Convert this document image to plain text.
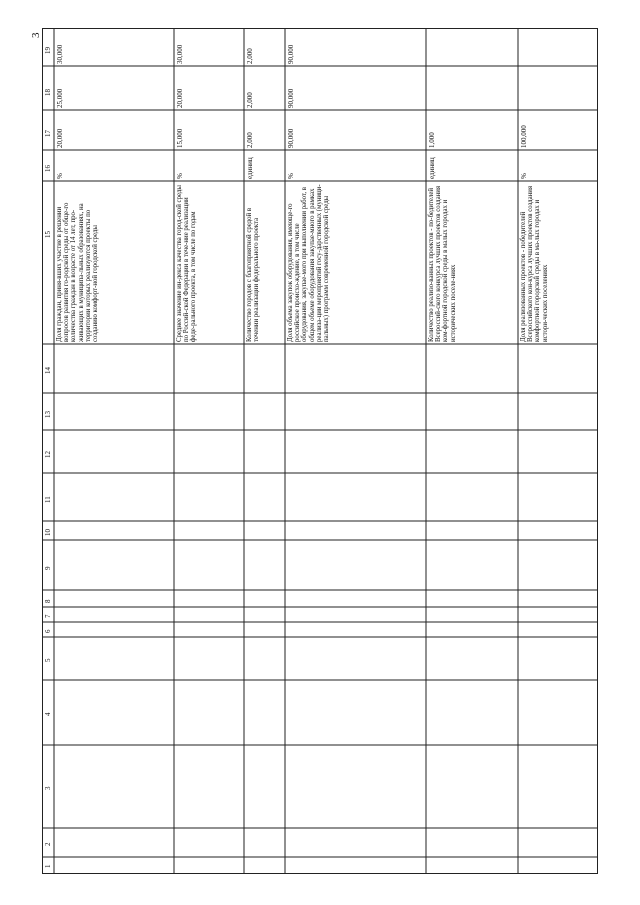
3
19
18
17
16
15
14
13
12
11
10
9
8
7
6
5
4
3
2
1
30,000
25,000
20,000
%
Доля граждан, приня-вших участие в решении вопросов развития го-родской среды от обще-го количества граждан в возрасте от 14 лет, про-живающих в муниципа-льных образованиях, на территории которых реализуются проекты по созданию комфорт-ной городской среды
30,000
20,000
15,000
%
Среднее значение ин-декса качества город-ской среды по Россий-ской Федерации в тече-ние реализации феде-рального проекта, в том числе по годам
2,000
2,000
2,000
единиц
Количество городов с благоприятной средой в течении реализации федерального проекта
90,000
90,000
90,000
%
Доля объема закупок оборудования, имеюще-го российское происхо-ждение, в том числе оборудования, закупае-мого при выполнении работ, в общем объеме оборудования закупае-много в рамках реализа-ции мероприятий госу-дарственных (муници-пальных) программ современной городской среды
1,000
единиц
Количество реализо-ванных проектов - по-бедителей Всероссий-ского конкурса лучших проектов создания ком-фортной городской среды в малых городах и исторических поселе-ниях
100,000
%
Доля реализованных проектов - победителей Всероссийского кон-курса лучших проектов создания комфортной городской среды в ма-лых городах и истори-ческих поселениях
